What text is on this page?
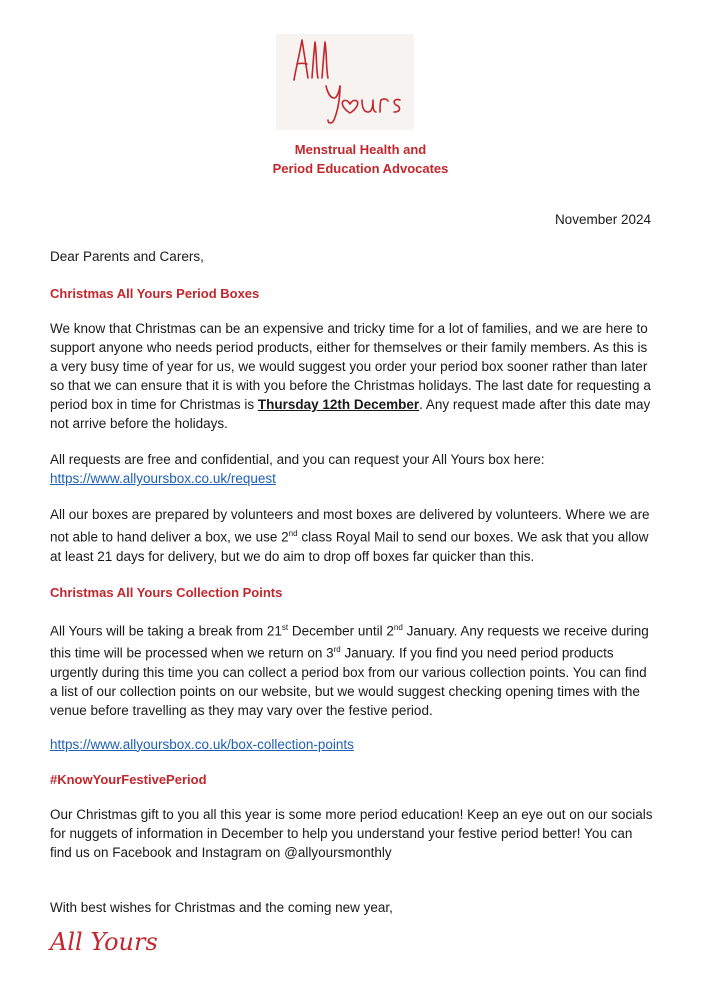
Menstrual Health and
Period Education Advocates
November 2024

Dear Parents and Carers,

Christmas All Yours Period Boxes

We know that Christmas can be an expensive and tricky time for a lot of families, and we are here to support anyone who needs period products, either for themselves or their family members. As this is a very busy time of year for us, we would suggest you order your period box sooner rather than later so that we can ensure that it is with you before the Christmas holidays. The last date for requesting a period box in time for Christmas is Thursday 12th December. Any request made after this date may not arrive before the holidays.

All requests are free and confidential, and you can request your All Yours box here:

https://www.allyoursbox.co.uk/request

All our boxes are prepared by volunteers and most boxes are delivered by volunteers. Where we are not able to hand deliver a box, we use 2nd class Royal Mail to send our boxes. We ask that you allow at least 21 days for delivery, but we do aim to drop off boxes far quicker than this.

Christmas All Yours Collection Points

All Yours will be taking a break from 21st December until 2nd January. Any requests we receive during this time will be processed when we return on 3rd January. If you find you need period products urgently during this time you can collect a period box from our various collection points. You can find a list of our collection points on our website, but we would suggest checking opening times with the venue before travelling as they may vary over the festive period.

https://www.allyoursbox.co.uk/box-collection-points

#KnowYourFestivePeriod

Our Christmas gift to you all this year is some more period education! Keep an eye out on our socials for nuggets of information in December to help you understand your festive period better! You can find us on Facebook and Instagram on @allyoursmonthly

With best wishes for Christmas and the coming new year,

All Yours
